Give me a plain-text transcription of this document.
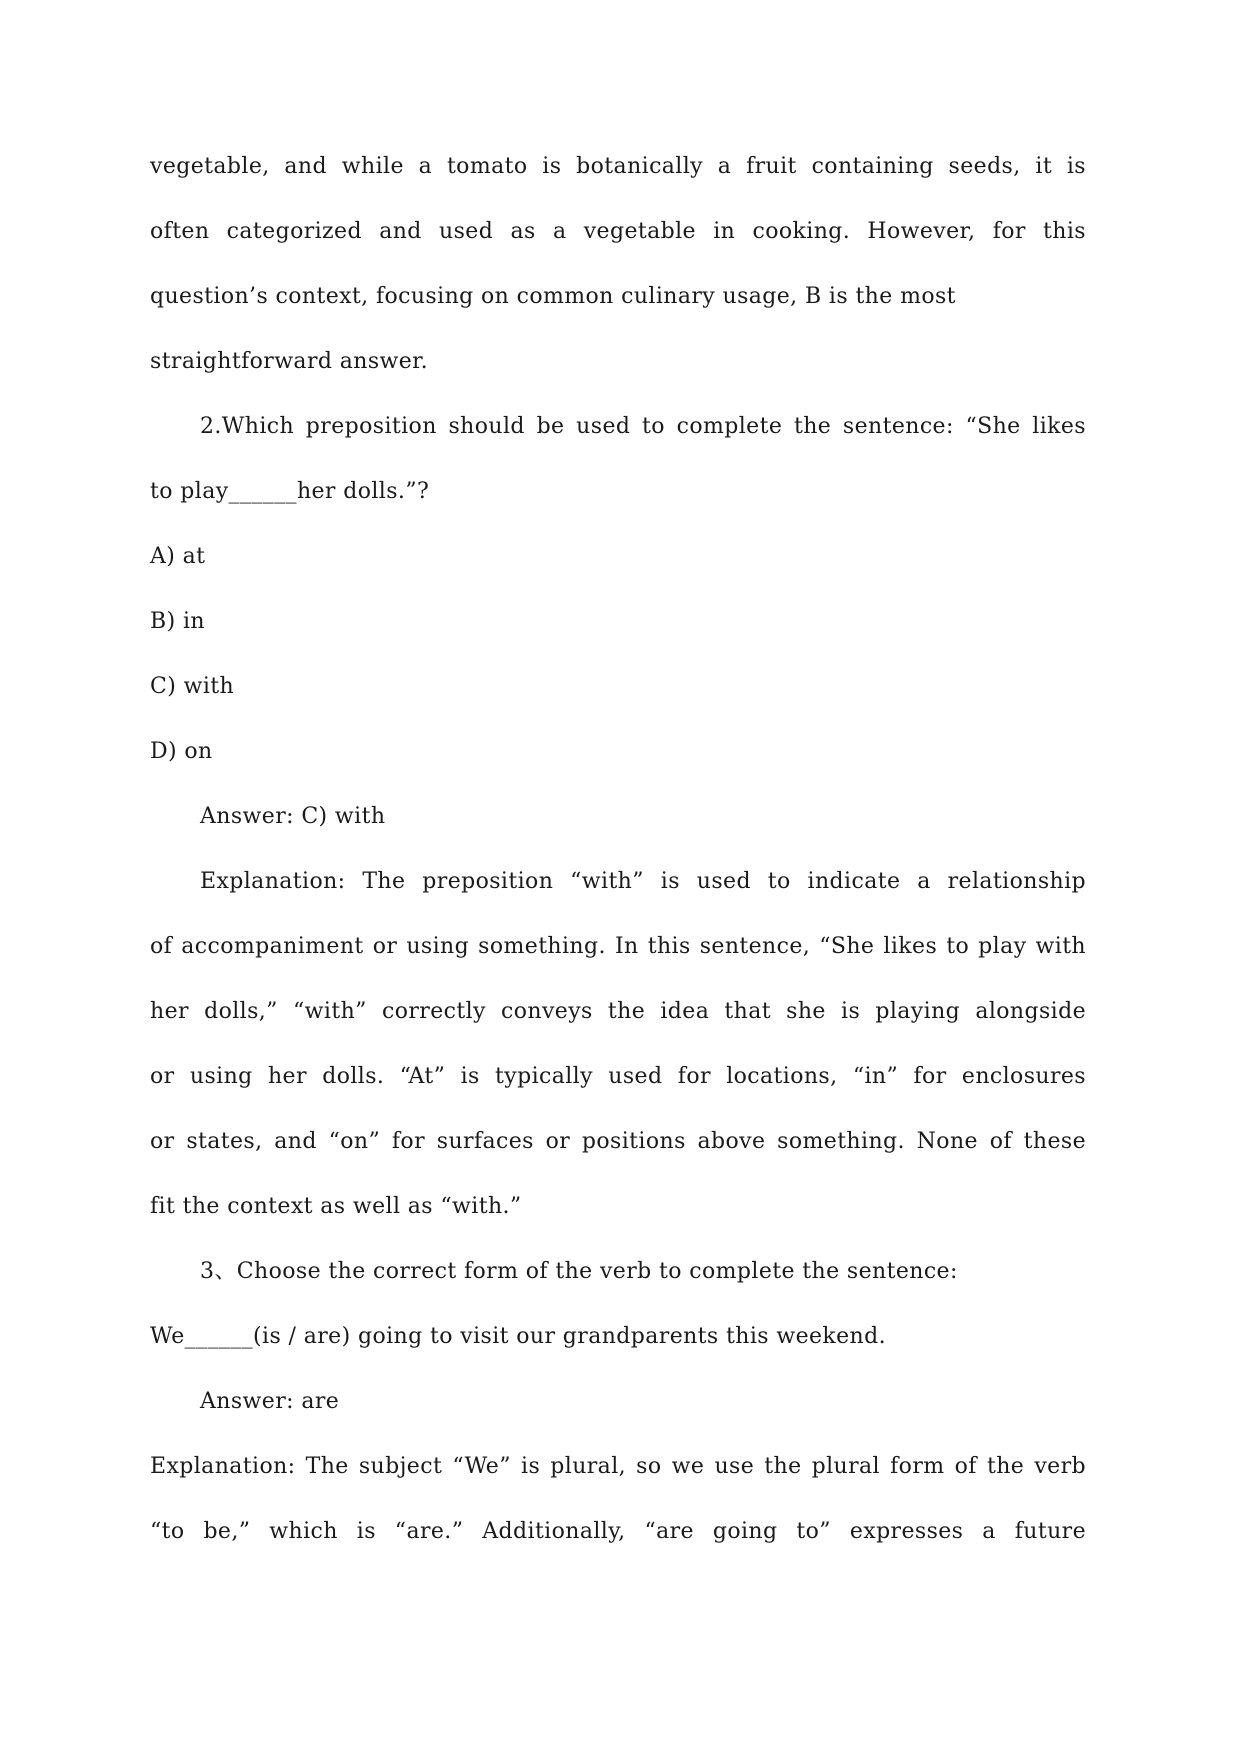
vegetable, and while a tomato is botanically a fruit containing seeds, it is
often categorized and used as a vegetable in cooking. However, for this
question’s context, focusing on common culinary usage, B is the most
straightforward answer.
2.Which preposition should be used to complete the sentence: “She likes
to play______her dolls.”?
A) at
B) in
C) with
D) on
Answer: C) with
Explanation: The preposition “with” is used to indicate a relationship
of accompaniment or using something. In this sentence, “She likes to play with
her dolls,” “with” correctly conveys the idea that she is playing alongside
or using her dolls. “At” is typically used for locations, “in” for enclosures
or states, and “on” for surfaces or positions above something. None of these
fit the context as well as “with.”
3、Choose the correct form of the verb to complete the sentence:
We______(is / are) going to visit our grandparents this weekend.
Answer: are
Explanation: The subject “We” is plural, so we use the plural form of the verb
“to be,” which is “are.” Additionally, “are going to” expresses a future
